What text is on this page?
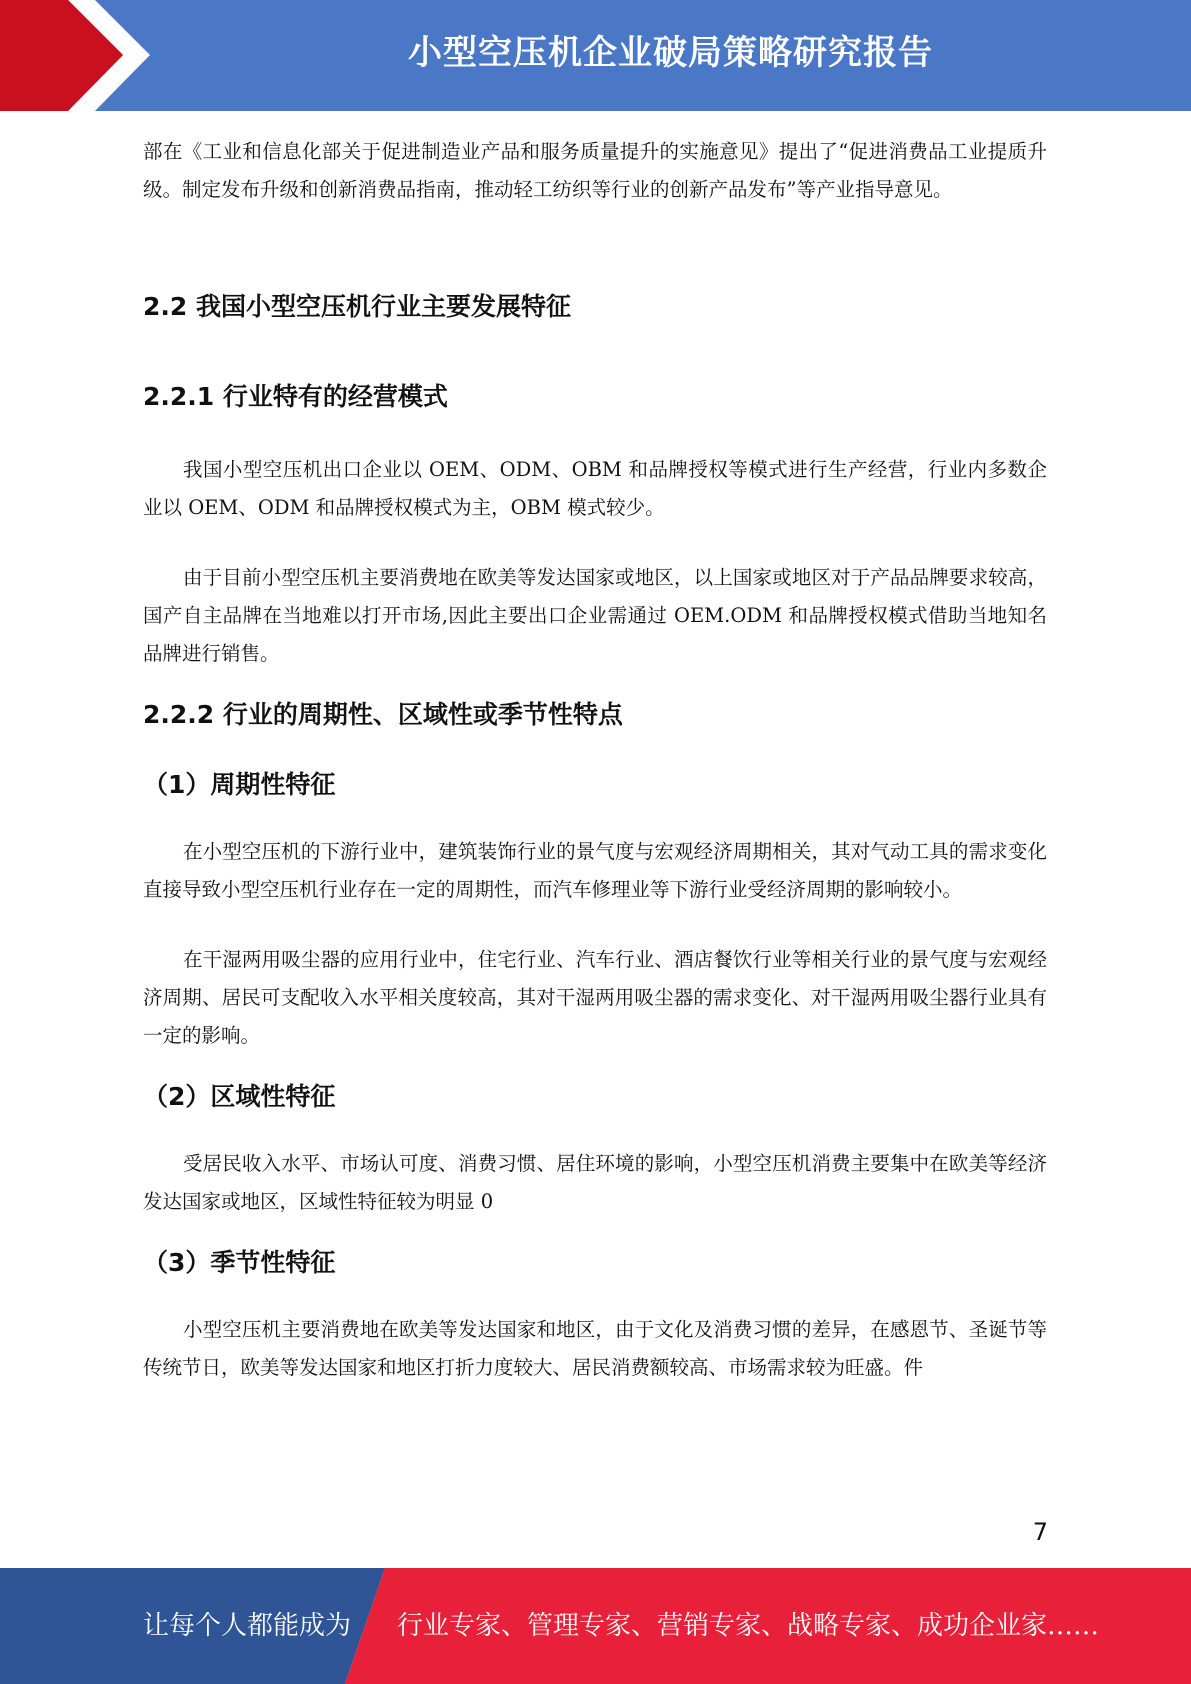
小型空压机企业破局策略研究报告

部在《工业和信息化部关于促进制造业产品和服务质量提升的实施意见》提出了“促进消费品工业提质升级。制定发布升级和创新消费品指南，推动轻工纺织等行业的创新产品发布”等产业指导意见。

2.2 我国小型空压机行业主要发展特征
2.2.1 行业特有的经营模式

我国小型空压机出口企业以 OEM、ODM、OBM 和品牌授权等模式进行生产经营，行业内多数企业以 OEM、ODM 和品牌授权模式为主，OBM 模式较少。

由于目前小型空压机主要消费地在欧美等发达国家或地区，以上国家或地区对于产品品牌要求较高，国产自主品牌在当地难以打开市场,因此主要出口企业需通过 OEM.ODM 和品牌授权模式借助当地知名品牌进行销售。

2.2.2 行业的周期性、区域性或季节性特点
（1）周期性特征

在小型空压机的下游行业中，建筑装饰行业的景气度与宏观经济周期相关，其对气动工具的需求变化直接导致小型空压机行业存在一定的周期性，而汽车修理业等下游行业受经济周期的影响较小。

在干湿两用吸尘器的应用行业中，住宅行业、汽车行业、酒店餐饮行业等相关行业的景气度与宏观经济周期、居民可支配收入水平相关度较高，其对干湿两用吸尘器的需求变化、对干湿两用吸尘器行业具有一定的影响。

（2）区域性特征

受居民收入水平、市场认可度、消费习惯、居住环境的影响，小型空压机消费主要集中在欧美等经济发达国家或地区，区域性特征较为明显 0

（3）季节性特征

小型空压机主要消费地在欧美等发达国家和地区，由于文化及消费习惯的差异，在感恩节、圣诞节等传统节日，欧美等发达国家和地区打折力度较大、居民消费额较高、市场需求较为旺盛。件

7
让每个人都能成为 行业专家、管理专家、营销专家、战略专家、成功企业家……
